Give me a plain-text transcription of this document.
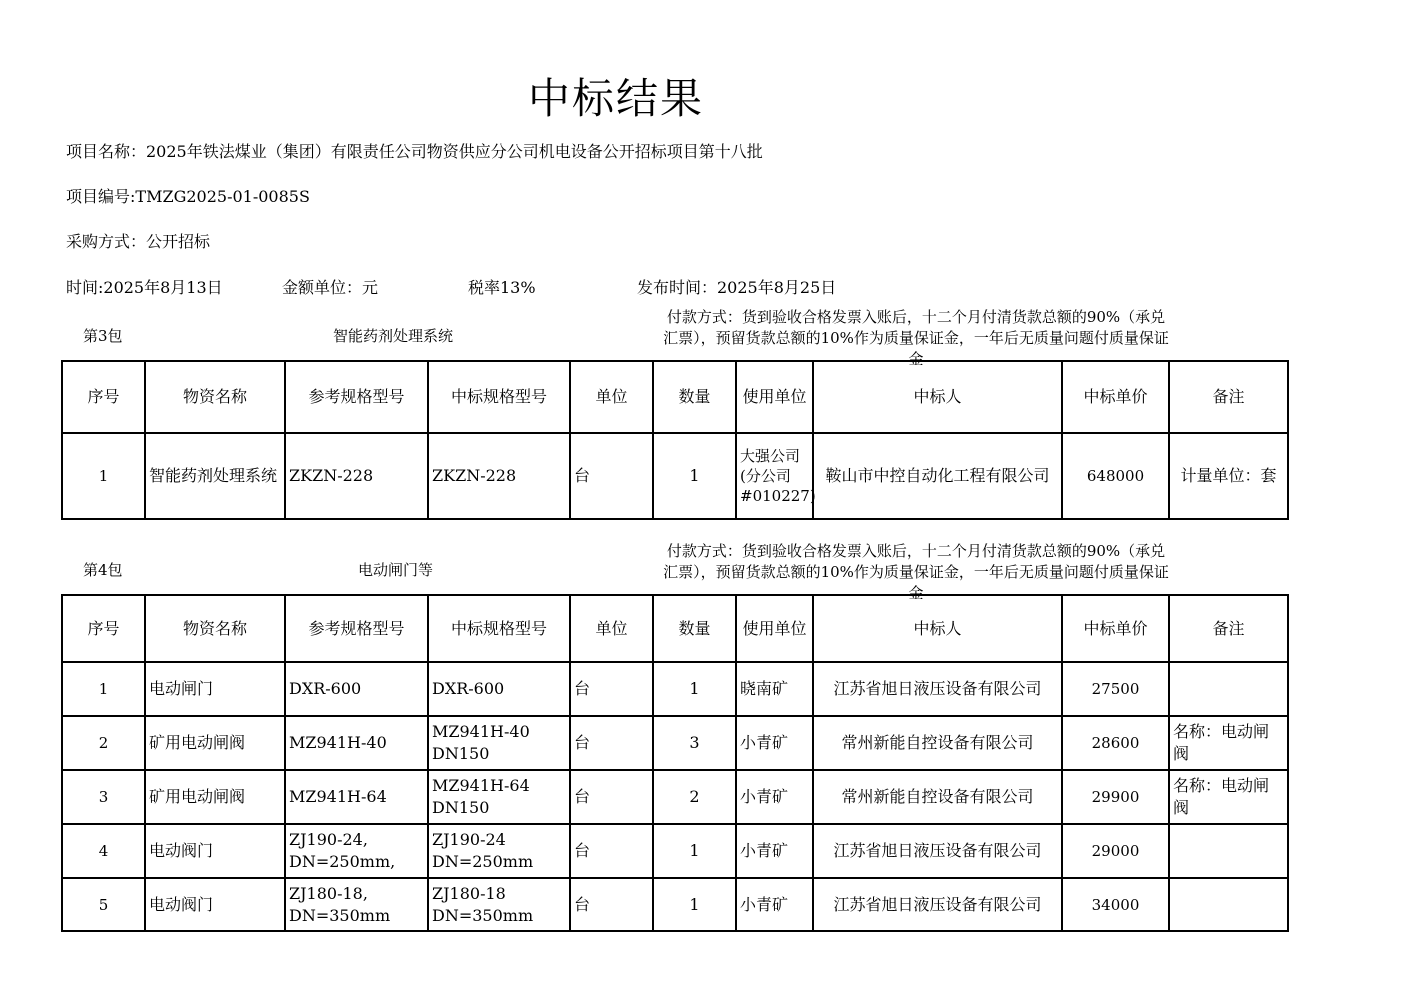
中标结果
项目名称：2025年铁法煤业（集团）有限责任公司物资供应分公司机电设备公开招标项目第十八批
项目编号:TMZG2025-01-0085S
采购方式：公开招标
时间:2025年8月13日	金额单位：元	税率13%	发布时间：2025年8月25日
第3包	智能药剂处理系统
付款方式：货到验收合格发票入账后，十二个月付清货款总额的90%（承兑汇票），预留货款总额的10%作为质量保证金，一年后无质量问题付质量保证金
序号	物资名称	参考规格型号	中标规格型号	单位	数量	使用单位	中标人	中标单价	备注
1	智能药剂处理系统	ZKZN-228	ZKZN-228	台	1	大强公司(分公司#010227)	鞍山市中控自动化工程有限公司	648000	计量单位：套
第4包	电动闸门等
付款方式：货到验收合格发票入账后，十二个月付清货款总额的90%（承兑汇票），预留货款总额的10%作为质量保证金，一年后无质量问题付质量保证金
序号	物资名称	参考规格型号	中标规格型号	单位	数量	使用单位	中标人	中标单价	备注
1	电动闸门	DXR-600	DXR-600	台	1	晓南矿	江苏省旭日液压设备有限公司	27500	
2	矿用电动闸阀	MZ941H-40	MZ941H-40 DN150	台	3	小青矿	常州新能自控设备有限公司	28600	名称：电动闸阀
3	矿用电动闸阀	MZ941H-64	MZ941H-64 DN150	台	2	小青矿	常州新能自控设备有限公司	29900	名称：电动闸阀
4	电动阀门	ZJ190-24, DN=250mm,	ZJ190-24 DN=250mm	台	1	小青矿	江苏省旭日液压设备有限公司	29000	
5	电动阀门	ZJ180-18, DN=350mm	ZJ180-18 DN=350mm	台	1	小青矿	江苏省旭日液压设备有限公司	34000	
